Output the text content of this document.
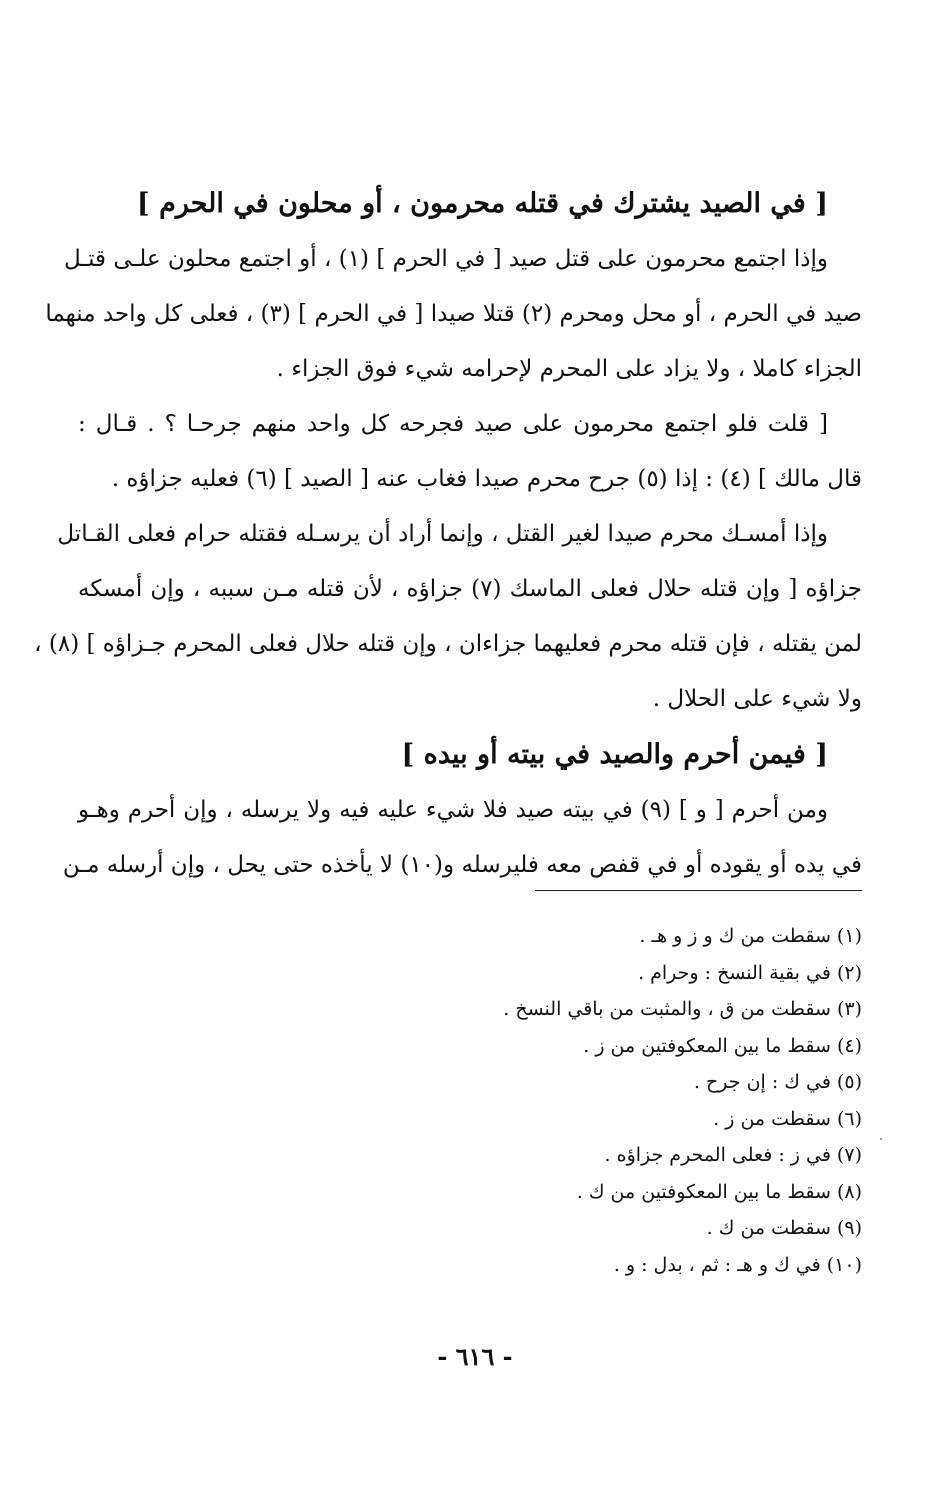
[ في الصيد يشترك في قتله محرمون ، أو محلون في الحرم ]
وإذا اجتمع محرمون على قتل صيد [ في الحرم ] (١) ، أو اجتمع محلون علـى قتـل
صيد في الحرم ، أو محل ومحرم (٢) قتلا صيدا [ في الحرم ] (٣) ، فعلى كل واحد منهما
الجزاء كاملا ، ولا يزاد على المحرم لإحرامه شيء فوق الجزاء .
[ قلت فلو اجتمع محرمون على صيد فجرحه كل واحد منهم جرحـا ؟ . قـال :
قال مالك ] (٤) : إذا (٥) جرح محرم صيدا فغاب عنه [ الصيد ] (٦) فعليه جزاؤه .
وإذا أمسـك محرم صيدا لغير القتل ، وإنما أراد أن يرسـله فقتله حرام فعلى القـاتل
جزاؤه [ وإن قتله حلال فعلى الماسك (٧) جزاؤه ، لأن قتله مـن سببه ، وإن أمسكه
لمن يقتله ، فإن قتله محرم فعليهما جزاءان ، وإن قتله حلال فعلى المحرم جـزاؤه ] (٨) ،
ولا شيء على الحلال .
[ فيمن أحرم والصيد في بيته أو بيده ]
ومن أحرم [ و ] (٩) في بيته صيد فلا شيء عليه فيه ولا يرسله ، وإن أحرم وهـو
في يده أو يقوده أو في قفص معه فليرسله و(١٠) لا يأخذه حتى يحل ، وإن أرسله مـن
(١) سقطت من ك و ز و هـ .
(٢) في بقية النسخ : وحرام .
(٣) سقطت من ق ، والمثبت من باقي النسخ .
(٤) سقط ما بين المعكوفتين من ز .
(٥) في ك : إن جرح .
(٦) سقطت من ز .
(٧) في ز : فعلى المحرم جزاؤه .
(٨) سقط ما بين المعكوفتين من ك .
(٩) سقطت من ك .
(١٠) في ك و هـ : ثم ، بدل : و .
- ٦١٦ -
